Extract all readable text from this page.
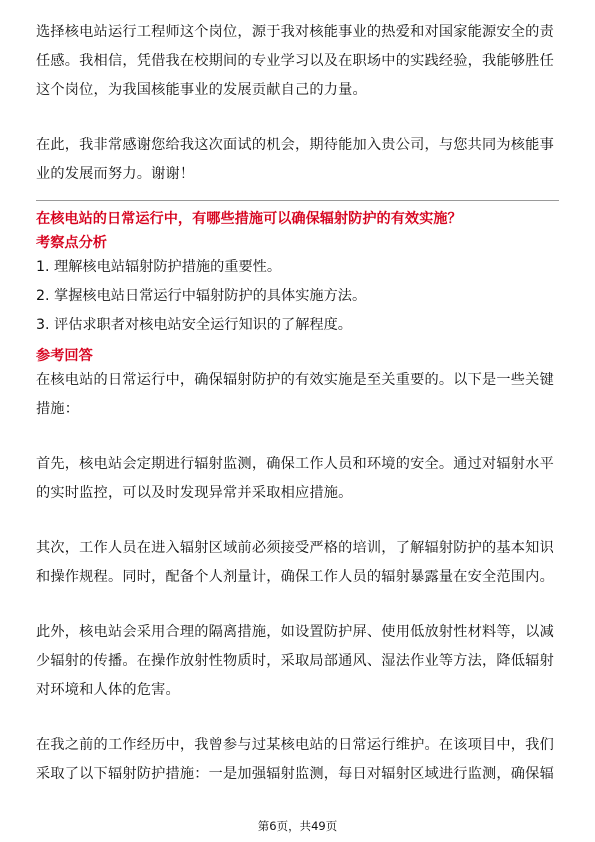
选择核电站运行工程师这个岗位，源于我对核能事业的热爱和对国家能源安全的责任感。我相信，凭借我在校期间的专业学习以及在职场中的实践经验，我能够胜任这个岗位，为我国核能事业的发展贡献自己的力量。

在此，我非常感谢您给我这次面试的机会，期待能加入贵公司，与您共同为核能事业的发展而努力。谢谢！

在核电站的日常运行中，有哪些措施可以确保辐射防护的有效实施？
考察点分析
1. 理解核电站辐射防护措施的重要性。
2. 掌握核电站日常运行中辐射防护的具体实施方法。
3. 评估求职者对核电站安全运行知识的了解程度。
参考回答

在核电站的日常运行中，确保辐射防护的有效实施是至关重要的。以下是一些关键措施：

首先，核电站会定期进行辐射监测，确保工作人员和环境的安全。通过对辐射水平的实时监控，可以及时发现异常并采取相应措施。

其次，工作人员在进入辐射区域前必须接受严格的培训，了解辐射防护的基本知识和操作规程。同时，配备个人剂量计，确保工作人员的辐射暴露量在安全范围内。

此外，核电站会采用合理的隔离措施，如设置防护屏、使用低放射性材料等，以减少辐射的传播。在操作放射性物质时，采取局部通风、湿法作业等方法，降低辐射对环境和人体的危害。

在我之前的工作经历中，我曾参与过某核电站的日常运行维护。在该项目中，我们采取了以下辐射防护措施：一是加强辐射监测，每日对辐射区域进行监测，确保辐

第6页，共49页
